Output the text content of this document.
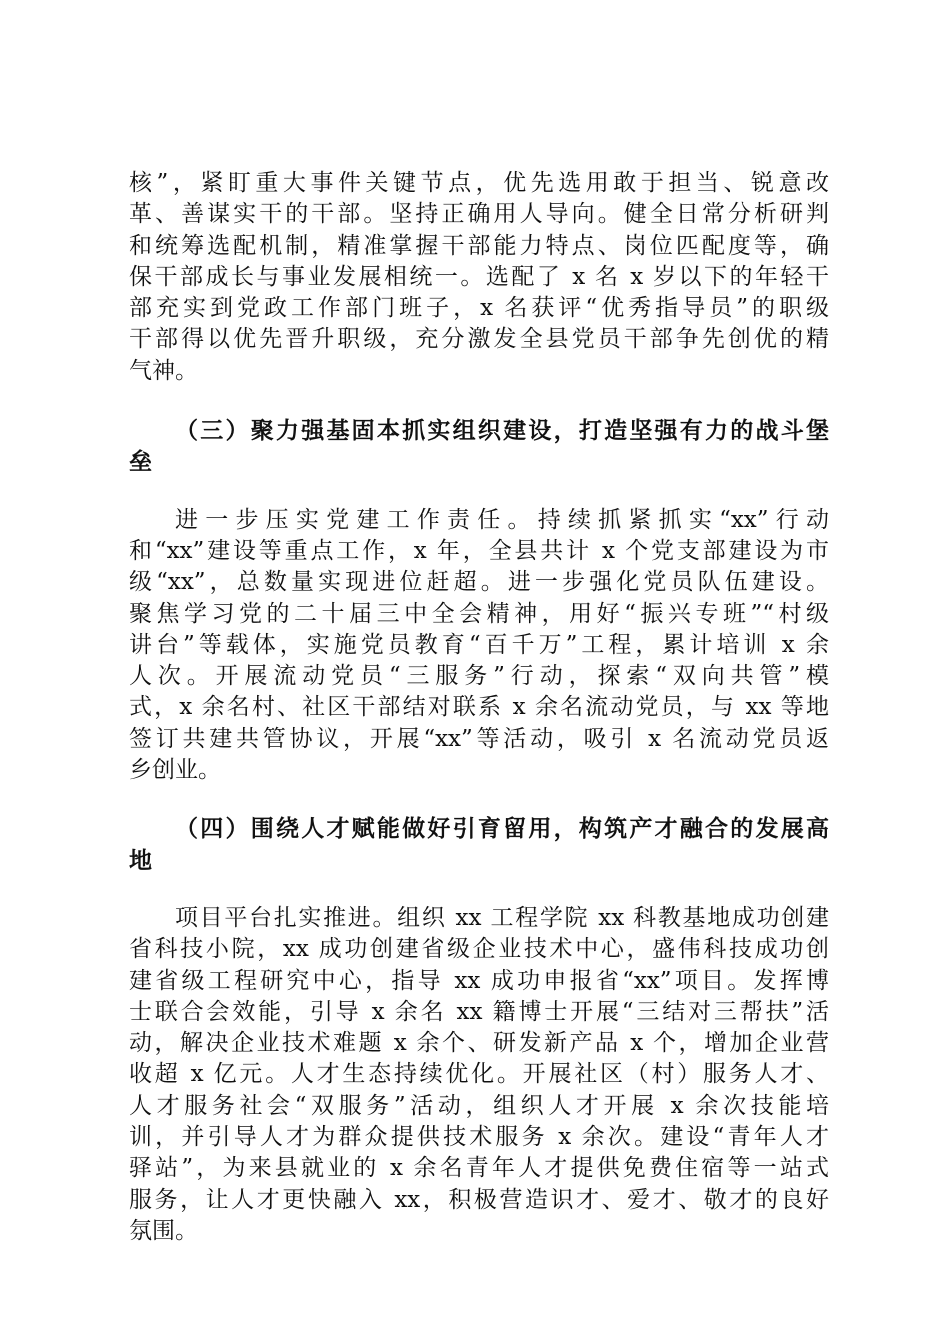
核”，紧盯重大事件关键节点，优先选用敢于担当、锐意改
革、善谋实干的干部。坚持正确用人导向。健全日常分析研判
和统筹选配机制，精准掌握干部能力特点、岗位匹配度等，确
保干部成长与事业发展相统一。选配了 x 名 x 岁以下的年轻干
部充实到党政工作部门班子，x 名获评“优秀指导员”的职级
干部得以优先晋升职级，充分激发全县党员干部争先创优的精
气神。
（三）聚力强基固本抓实组织建设，打造坚强有力的战斗堡
垒
进一步压实党建工作责任。持续抓紧抓实“xx”行动
和“xx”建设等重点工作，x 年，全县共计 x 个党支部建设为市
级“xx”，总数量实现进位赶超。进一步强化党员队伍建设。
聚焦学习党的二十届三中全会精神，用好“振兴专班”“村级
讲台”等载体，实施党员教育“百千万”工程，累计培训 x 余
人次。开展流动党员“三服务”行动，探索“双向共管”模
式，x 余名村、社区干部结对联系 x 余名流动党员，与 xx 等地
签订共建共管协议，开展“xx”等活动，吸引 x 名流动党员返
乡创业。
（四）围绕人才赋能做好引育留用，构筑产才融合的发展高
地
项目平台扎实推进。组织 xx 工程学院 xx 科教基地成功创建
省科技小院，xx 成功创建省级企业技术中心，盛伟科技成功创
建省级工程研究中心，指导 xx 成功申报省“xx”项目。发挥博
士联合会效能，引导 x 余名 xx 籍博士开展“三结对三帮扶”活
动，解决企业技术难题 x 余个、研发新产品 x 个，增加企业营
收超 x 亿元。人才生态持续优化。开展社区（村）服务人才、
人才服务社会“双服务”活动，组织人才开展 x 余次技能培
训，并引导人才为群众提供技术服务 x 余次。建设“青年人才
驿站”，为来县就业的 x 余名青年人才提供免费住宿等一站式
服务，让人才更快融入 xx，积极营造识才、爱才、敬才的良好
氛围。
